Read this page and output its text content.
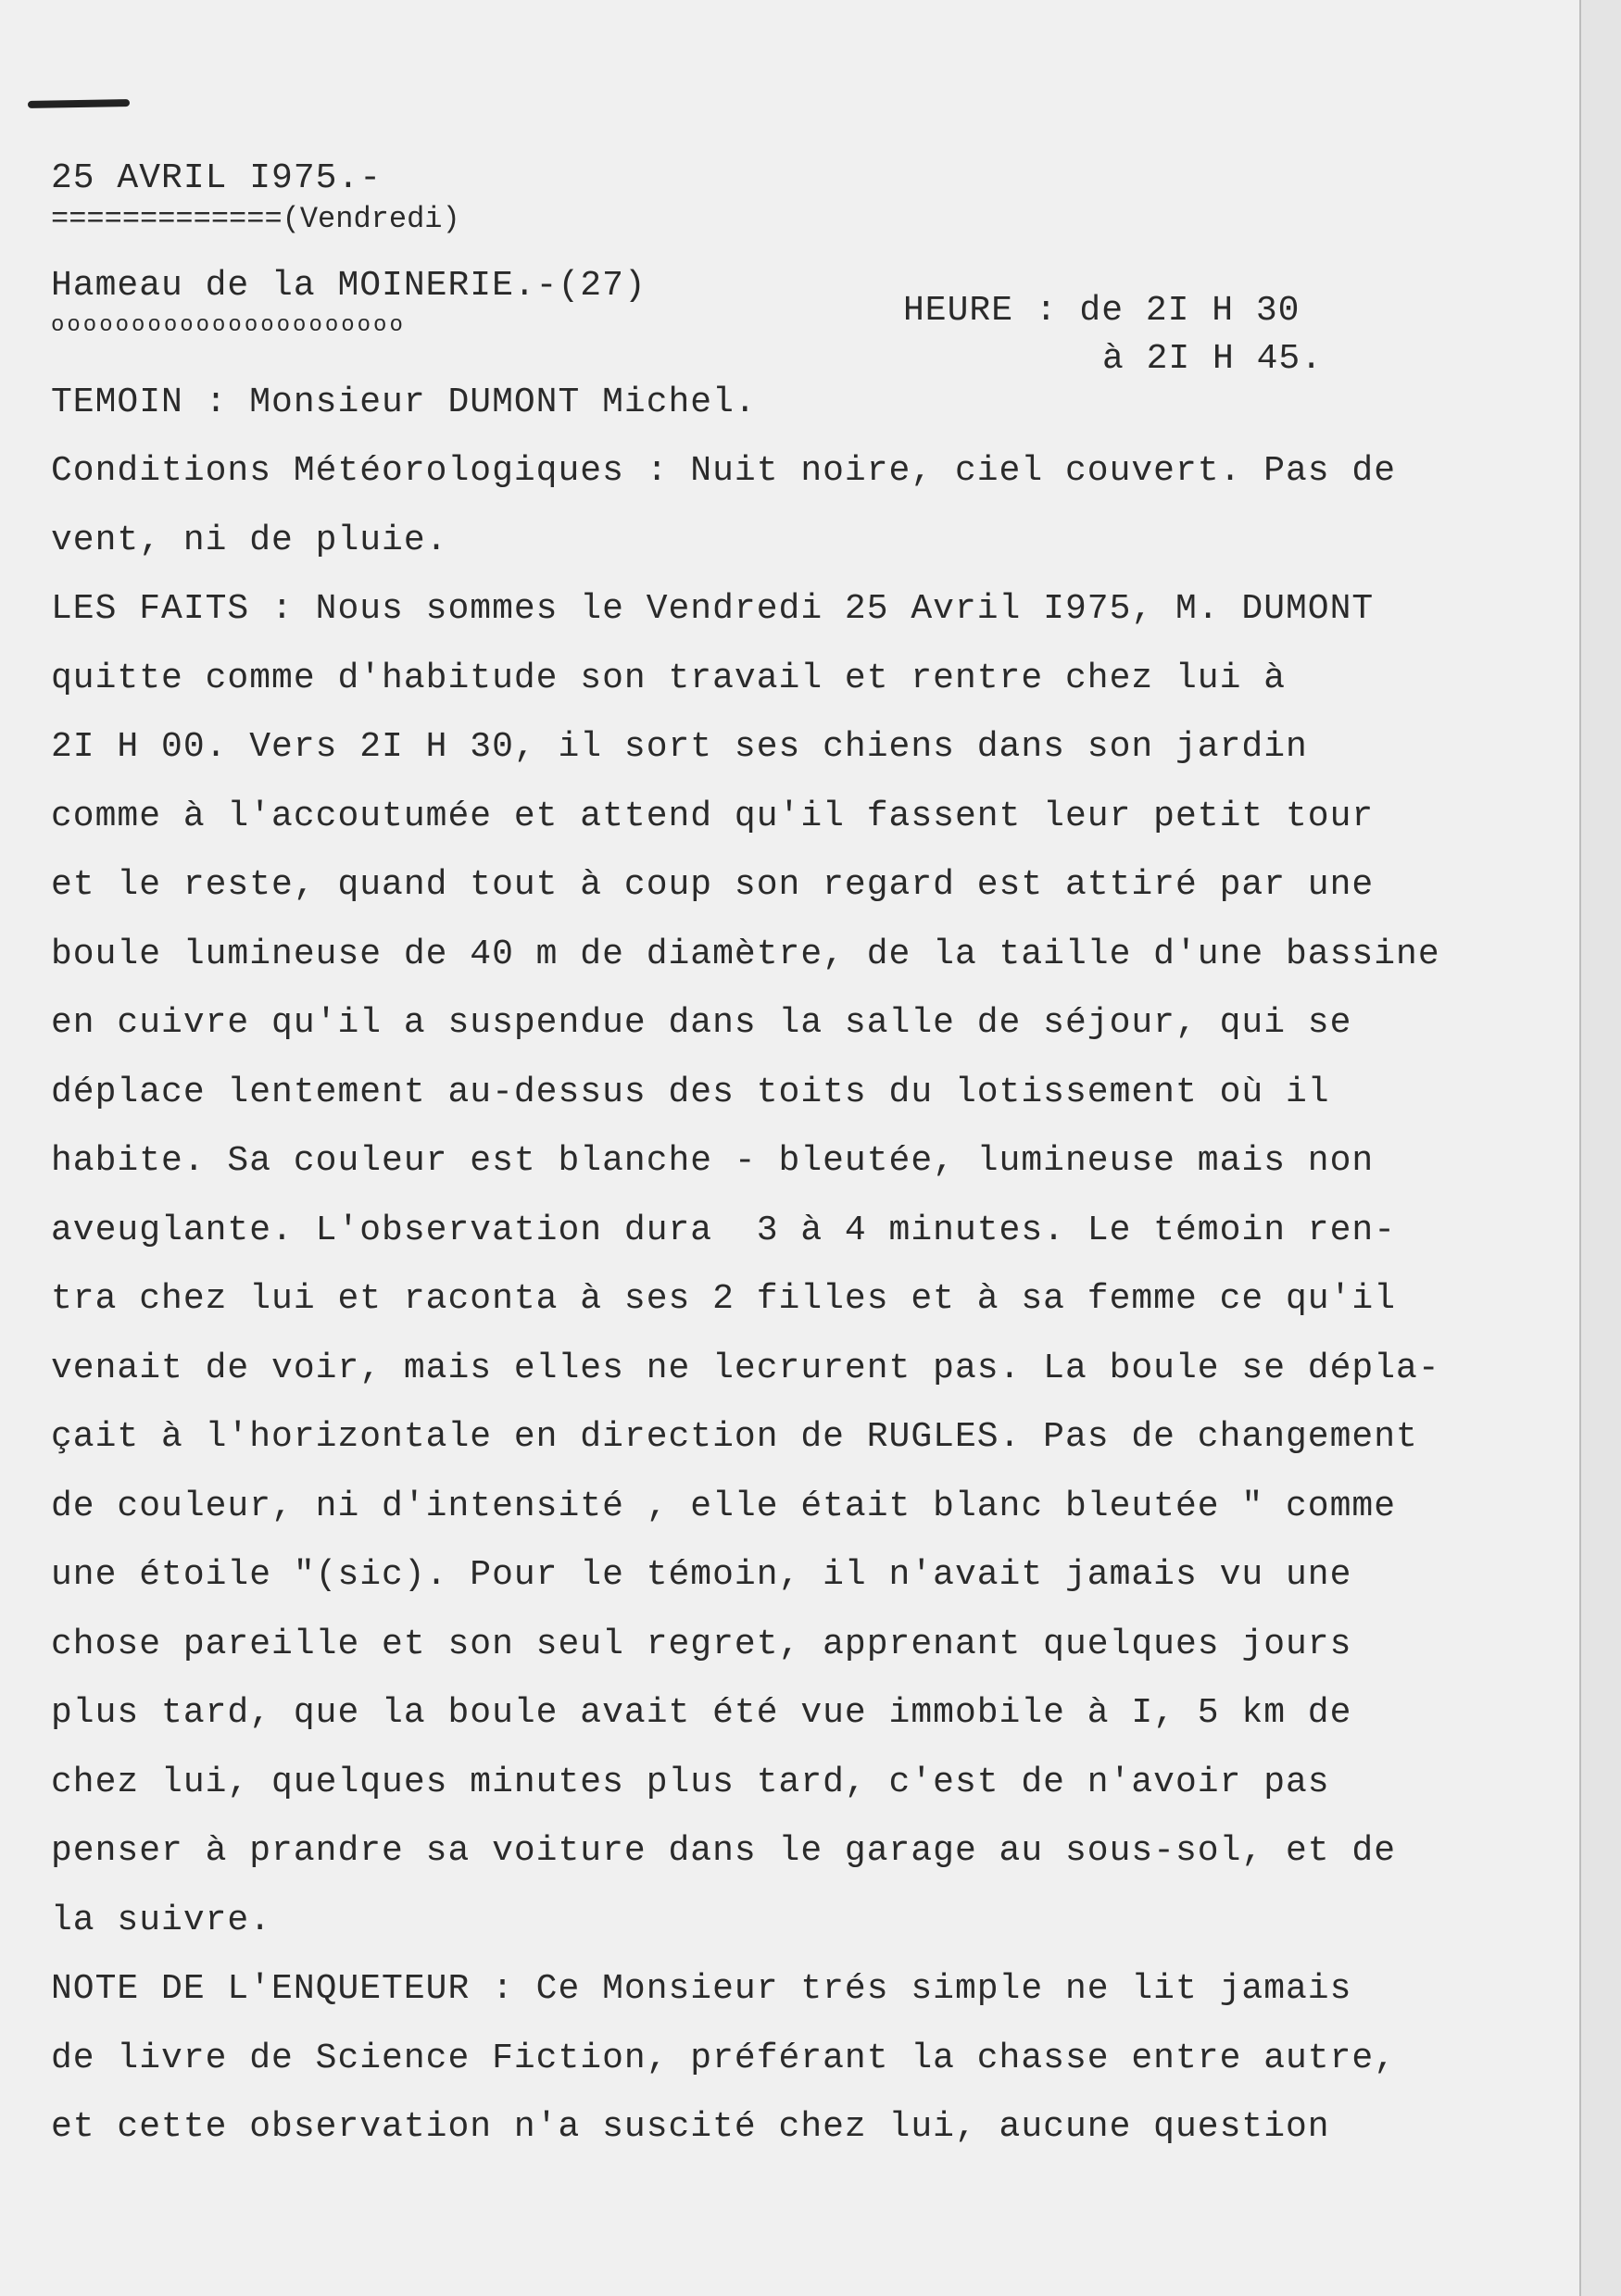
25 AVRIL I975.-
=============(Vendredi)
Hameau de la MOINERIE.-(27)
oooooooooooooooooooooo
TEMOIN : Monsieur DUMONT Michel.
Conditions Météorologiques : Nuit noire, ciel couvert. Pas de
vent, ni de pluie.
LES FAITS : Nous sommes le Vendredi 25 Avril I975, M. DUMONT
quitte comme d'habitude son travail et rentre chez lui à
2I H 00. Vers 2I H 30, il sort ses chiens dans son jardin
comme à l'accoutumée et attend qu'il fassent leur petit tour
et le reste, quand tout à coup son regard est attiré par une
boule lumineuse de 40 m de diamètre, de la taille d'une bassine
en cuivre qu'il a suspendue dans la salle de séjour, qui se
déplace lentement au-dessus des toits du lotissement où il
habite. Sa couleur est blanche - bleutée, lumineuse mais non
aveuglante. L'observation dura  3 à 4 minutes. Le témoin ren-
tra chez lui et raconta à ses 2 filles et à sa femme ce qu'il
venait de voir, mais elles ne lecrurent pas. La boule se dépla-
çait à l'horizontale en direction de RUGLES. Pas de changement
de couleur, ni d'intensité , elle était blanc bleutée " comme
une étoile "(sic). Pour le témoin, il n'avait jamais vu une
chose pareille et son seul regret, apprenant quelques jours
plus tard, que la boule avait été vue immobile à I, 5 km de
chez lui, quelques minutes plus tard, c'est de n'avoir pas
penser à prandre sa voiture dans le garage au sous-sol, et de
la suivre.
NOTE DE L'ENQUETEUR : Ce Monsieur trés simple ne lit jamais
de livre de Science Fiction, préférant la chasse entre autre,
et cette observation n'a suscité chez lui, aucune question
HEURE : de 2I H 30
à 2I H 45.
